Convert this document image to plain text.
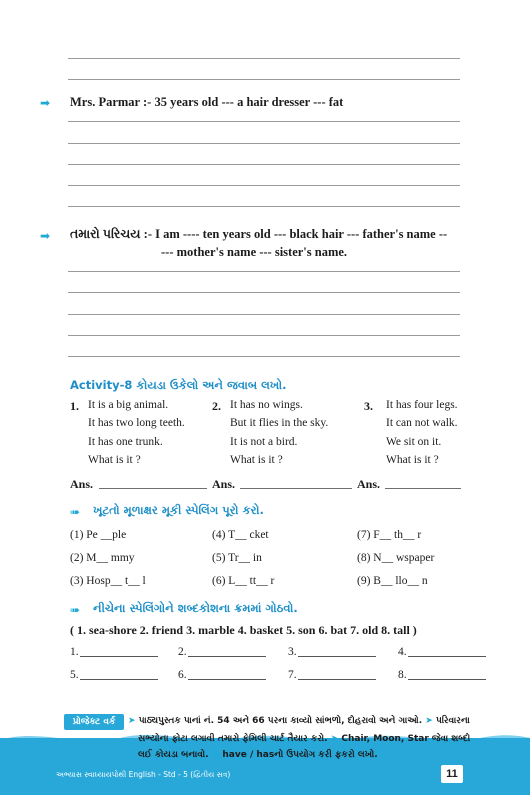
➡ Mrs. Parmar :- 35 years old --- a hair dresser --- fat
➡ તમારો પરિચય :- I am ---- ten years old --- black hair --- father's name --
--- mother's name --- sister's name.
Activity-8 કોયડા ઉકેલો અને જવાબ લખો.
1. It is a big animal.
It has two long teeth.
It has one trunk.
What is it ?
2. It has no wings.
But it flies in the sky.
It is not a bird.
What is it ?
3. It has four legs.
It can not walk.
We sit on it.
What is it ?
Ans.	Ans.	Ans.
➠ ખૂટતો મૂળાક્ષર મૂકી સ્પેલિંગ પૂરો કરો.
(1) Pe __ple	(4) T__ cket	(7) F__ th__ r
(2) M__ mmy	(5) Tr__ in	(8) N__ wspaper
(3) Hosp__ t__ l	(6) L__ tt__ r	(9) B__ llo__ n
➠ નીચેના સ્પેલિંગોને શબ્દકોશના ક્રમમાં ગોઠવો.
( 1. sea-shore 2. friend 3. marble 4. basket 5. son 6. bat 7. old 8. tall )
1.	2.	3.	4.
5.	6.	7.	8.
પ્રોજેક્ટ વર્ક	➤ પાઠ્યપુસ્તક પાનાં નં. 54 અને 66 પરના કાવ્યો સાંભળો, દોહરાવો અને ગાઓ. ➤ પરિવારના
સભ્યોના ફોટા લગાવી તમારો ફેમિલી ચાર્ટ તૈયાર કરો. ➤ Chair, Moon, Star જેવા શબ્દો
લઈ કોયડા બનાવો. ➤ have / hasનો ઉપયોગ કરી ફકરો લખો.
અભ્યાસ સ્વાધ્યાયપોથી English - Std - 5 (દ્વિતીય સત્ર)	11
